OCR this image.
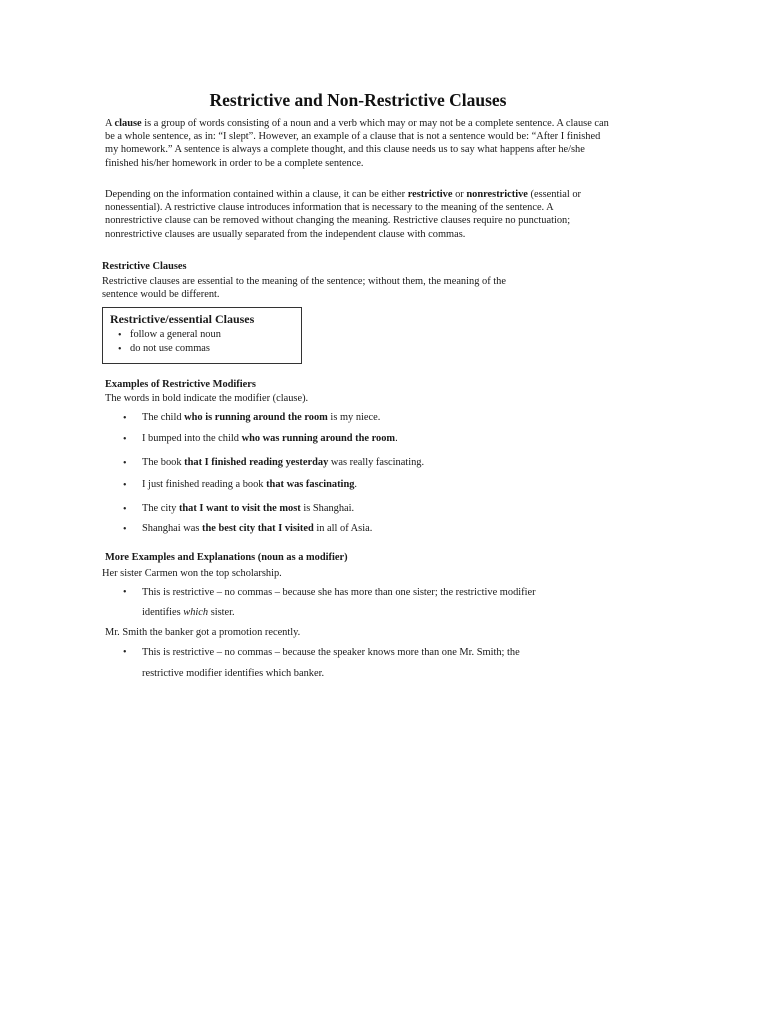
Restrictive and Non-Restrictive Clauses

A clause is a group of words consisting of a noun and a verb which may or may not be a complete sentence. A clause can be a whole sentence, as in: “I slept”. However, an example of a clause that is not a sentence would be: “After I finished my homework.” A sentence is always a complete thought, and this clause needs us to say what happens after he/she finished his/her homework in order to be a complete sentence.

Depending on the information contained within a clause, it can be either restrictive or nonrestrictive (essential or nonessential). A restrictive clause introduces information that is necessary to the meaning of the sentence. A nonrestrictive clause can be removed without changing the meaning. Restrictive clauses require no punctuation; nonrestrictive clauses are usually separated from the independent clause with commas.

Restrictive Clauses

Restrictive clauses are essential to the meaning of the sentence; without them, the meaning of the

sentence would be different.

Restrictive/essential Clauses
• follow a general noun
• do not use commas

Examples of Restrictive Modifiers

The words in bold indicate the modifier (clause).

• The child who is running around the room is my niece.

• I bumped into the child who was running around the room.

• The book that I finished reading yesterday was really fascinating.

• I just finished reading a book that was fascinating.

• The city that I want to visit the most is Shanghai.

• Shanghai was the best city that I visited in all of Asia.

More Examples and Explanations (noun as a modifier)

Her sister Carmen won the top scholarship.

• This is restrictive – no commas – because she has more than one sister; the restrictive modifier

identifies which sister.

Mr. Smith the banker got a promotion recently.

• This is restrictive – no commas – because the speaker knows more than one Mr. Smith; the

restrictive modifier identifies which banker.
